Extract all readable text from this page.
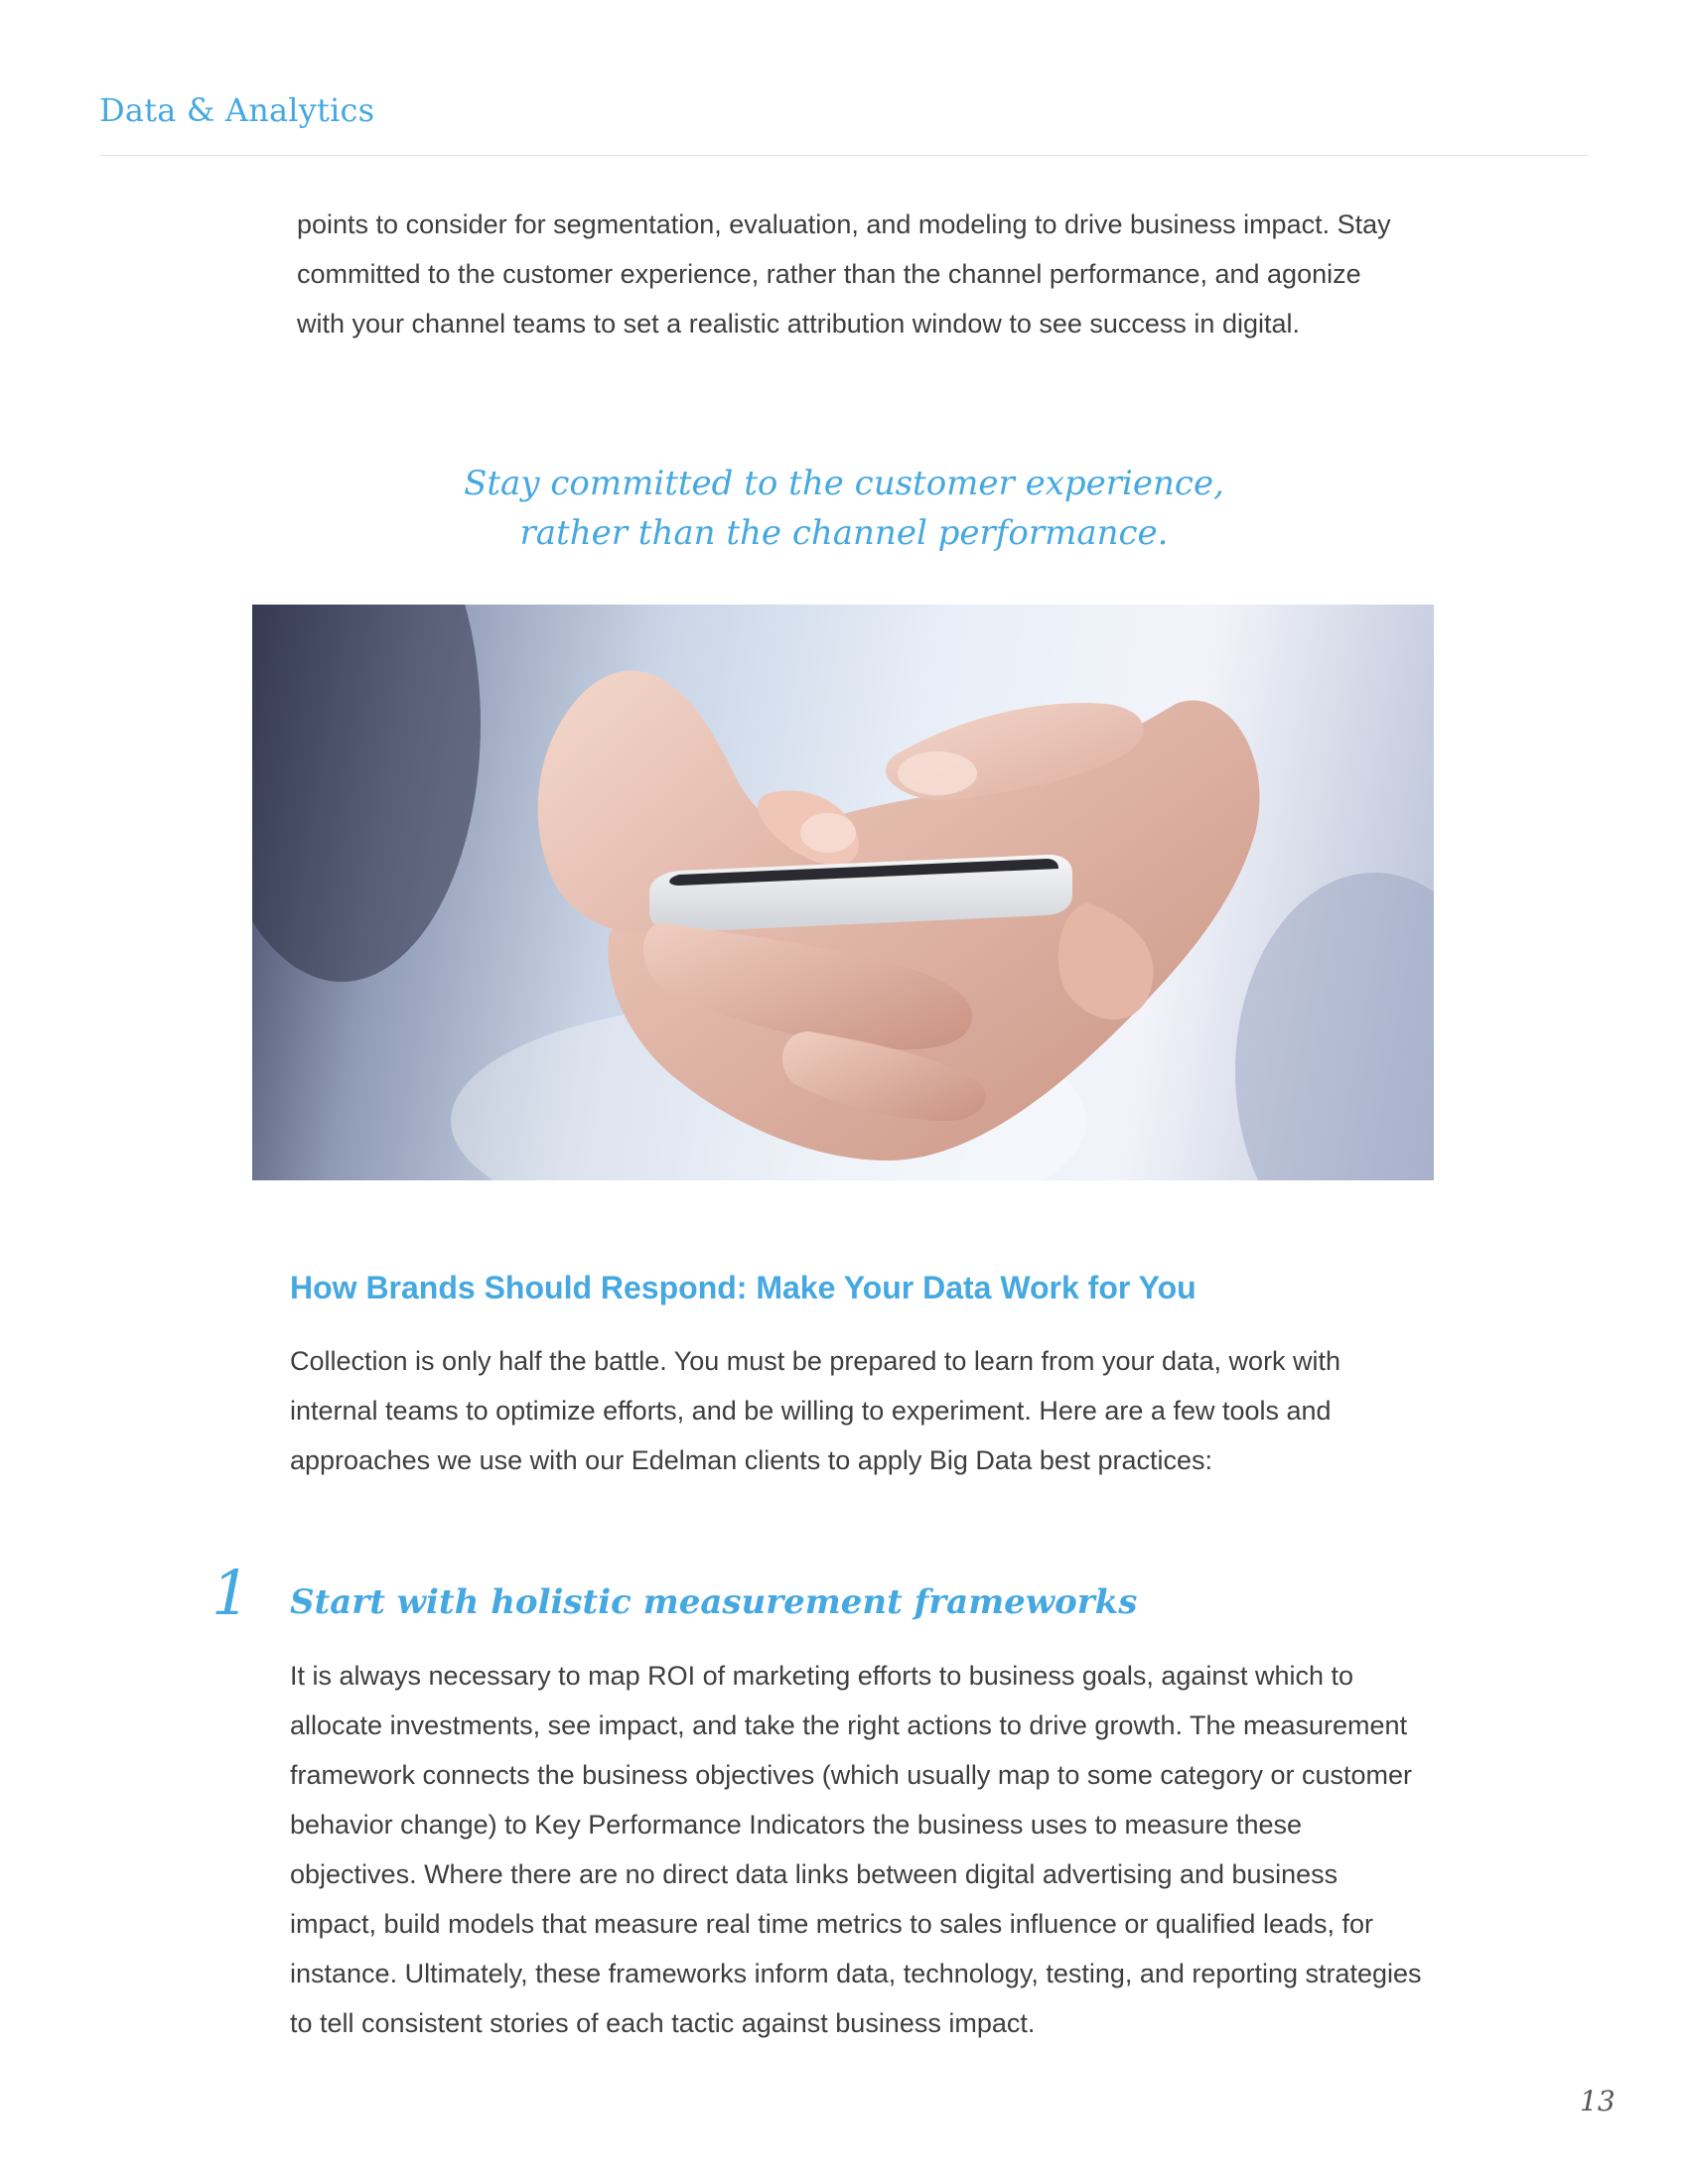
Data & Analytics

points to consider for segmentation, evaluation, and modeling to drive business impact. Stay committed to the customer experience, rather than the channel performance, and agonize with your channel teams to set a realistic attribution window to see success in digital.

Stay committed to the customer experience,
rather than the channel performance.
How Brands Should Respond: Make Your Data Work for You

Collection is only half the battle. You must be prepared to learn from your data, work with internal teams to optimize efforts, and be willing to experiment. Here are a few tools and approaches we use with our Edelman clients to apply Big Data best practices:

1 Start with holistic measurement frameworks

It is always necessary to map ROI of marketing efforts to business goals, against which to allocate investments, see impact, and take the right actions to drive growth. The measurement framework connects the business objectives (which usually map to some category or customer behavior change) to Key Performance Indicators the business uses to measure these objectives. Where there are no direct data links between digital advertising and business impact, build models that measure real time metrics to sales influence or qualified leads, for instance. Ultimately, these frameworks inform data, technology, testing, and reporting strategies to tell consistent stories of each tactic against business impact.

13
